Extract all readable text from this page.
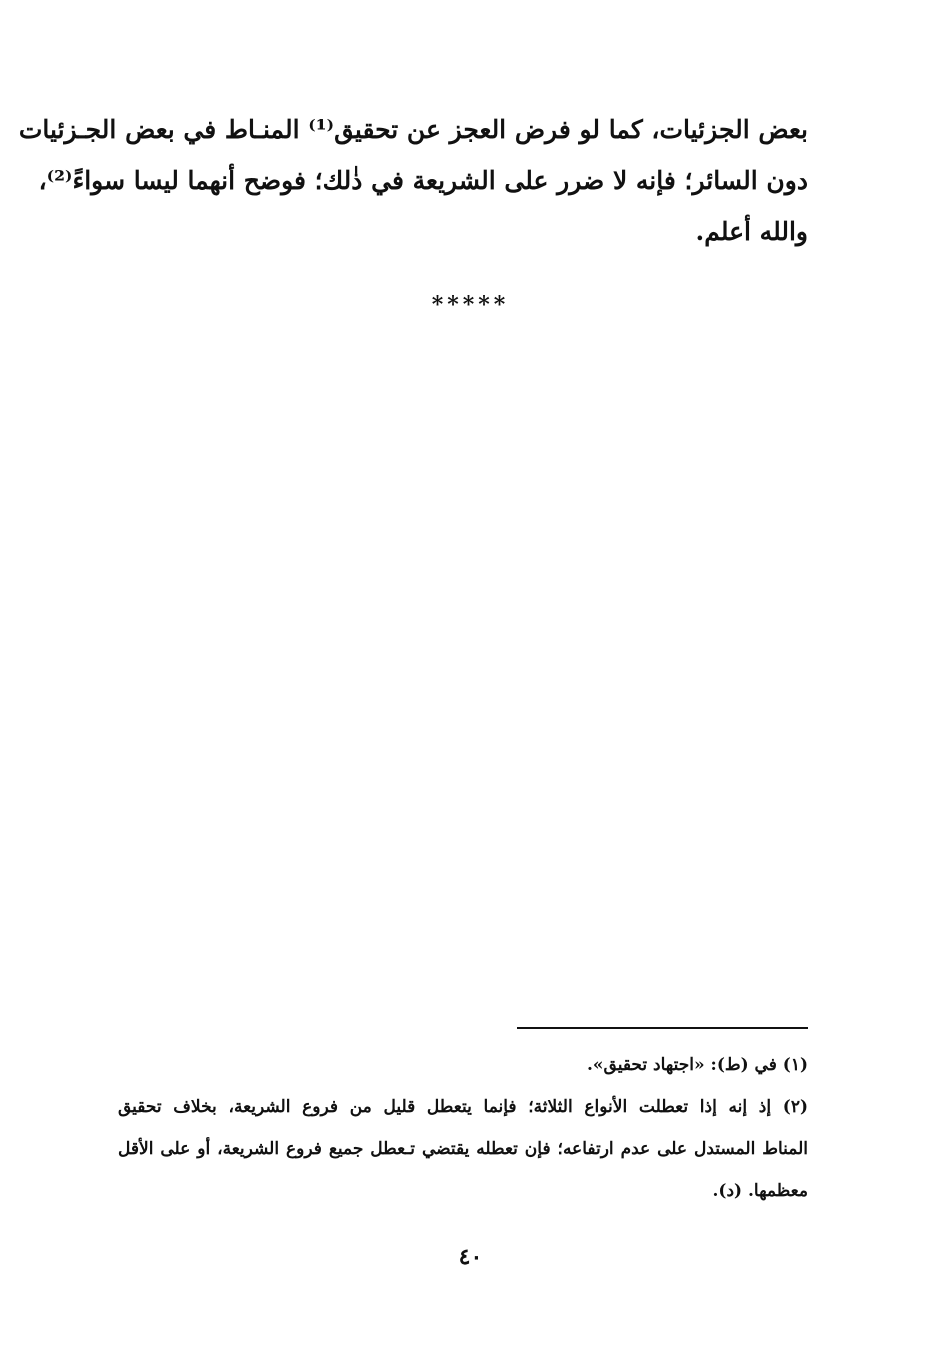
بعض الجزئيات، كما لو فرض العجز عن تحقيق⁽¹⁾ المنـاط في بعض الجـزئيات
دون السائر؛ فإنه لا ضرر على الشريعة في ذٰلك؛ فوضح أنهما ليسا سواءً⁽²⁾،
والله أعلم.
*****
(١) في (ط): «اجتهاد تحقيق».
(٢) إذ إنه إذا تعطلت الأنواع الثلاثة؛ فإنما يتعطل قليل من فروع الشريعة، بخلاف تحقيق
المناط المستدل على عدم ارتفاعه؛ فإن تعطله يقتضي تـعطل جميع فروع الشريعة، أو على الأقل
معظمها. (د).
٤٠
